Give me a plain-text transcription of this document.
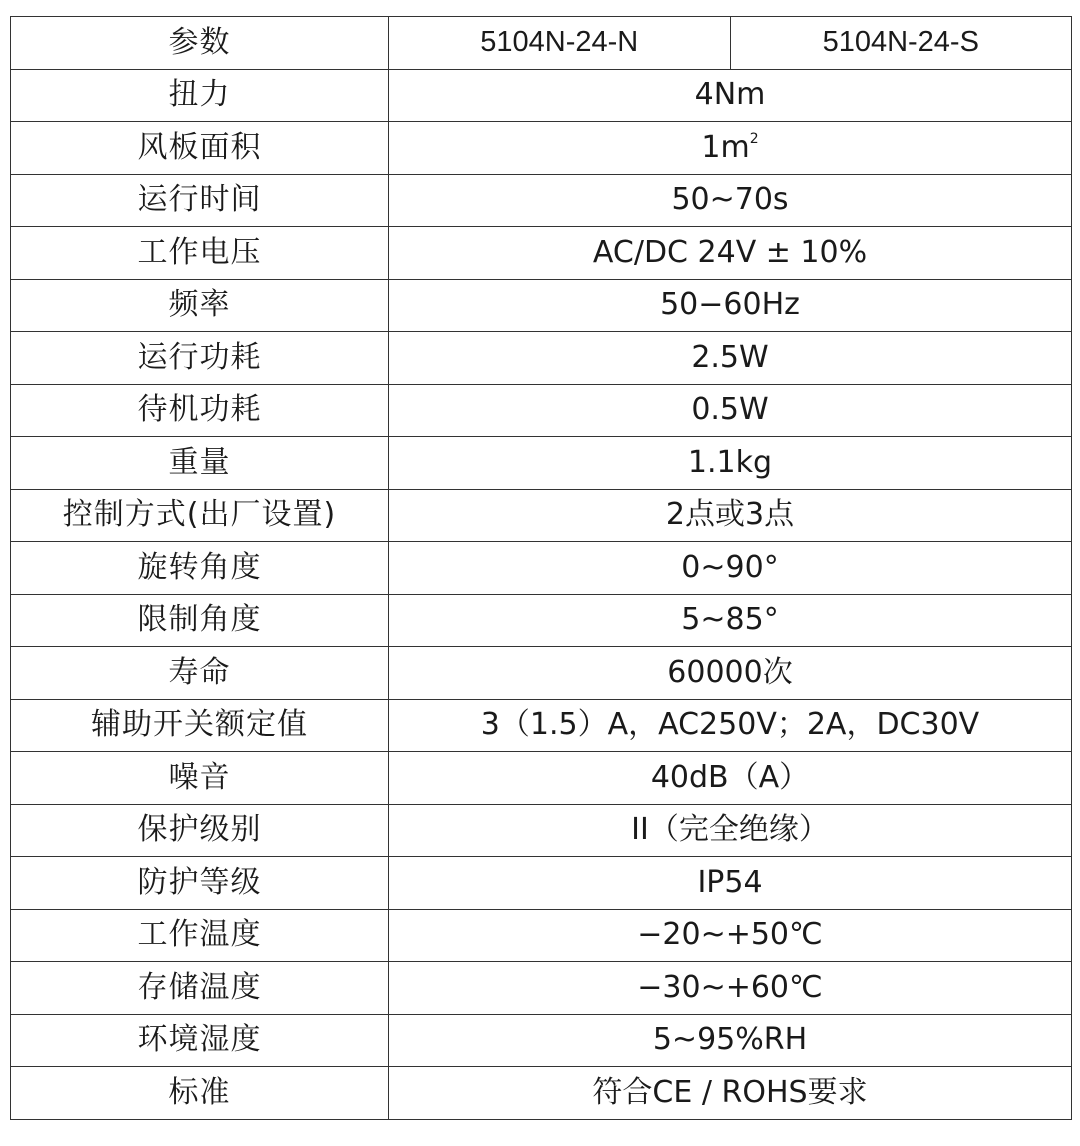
参数	5104N-24-N	5104N-24-S
扭力	4Nm	
风板面积	$1m^2$
运行时间	50~70s	
工作电压	AC/DC 24V ± 10%	
频率	50−60Hz	
运行功耗	2.5W	
待机功耗	0.5W	
重量	1.1kg	
控制方式(出厂设置)	2点或3点	
旋转角度	0~90°	
限制角度	5~85°	
寿命	60000次	
辅助开关额定值	3（1.5）A，AC250V；2A，DC30V	
噪音	40dB（A）	
保护级别	II（完全绝缘）	
防护等级	IP54	
工作温度	−20~+50℃	
存储温度	−30~+60℃	
环境湿度	5~95%RH	
标准	符合CE / ROHS要求	
